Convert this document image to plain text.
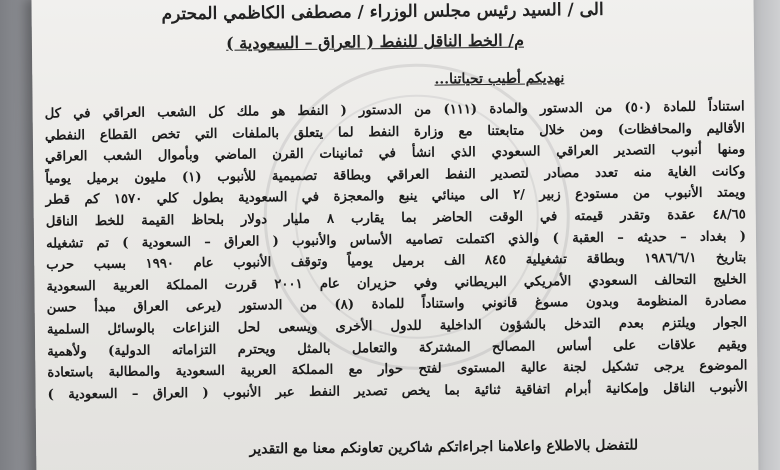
الى / السيد رئيس مجلس الوزراء / مصطفى الكاظمي المحترم
م/ الخط الناقل للنفط ( العراق – السعودية )
نهديكم أطيب تحياتنا...
استناداً للمادة (٥٠) من الدستور والمادة (١١١) من الدستور ( النفط هو ملك كل الشعب العراقي في كل
الأقاليم والمحافظات) ومن خلال متابعتنا مع وزارة النفط لما يتعلق بالملفات التي تخص القطاع النفطي
ومنها أنبوب التصدير العراقي السعودي الذي انشأ في ثمانينات القرن الماضي وبأموال الشعب العراقي
وكانت الغاية منه تعدد مصادر لتصدير النفط العراقي وبطاقة تصميمية للأنبوب (١) مليون برميل يومياً
ويمتد الأنبوب من مستودع زبير /٢ الى مينائي ينبع والمعجزة في السعودية بطول كلي ١٥٧٠ كم قطر
٤٨/٦٥ عقدة وتقدر قيمته في الوقت الحاضر بما يقارب ٨ مليار دولار بلحاظ القيمة للخط الناقل
( بغداد – حديثه – العقبة ) والذي اكتملت تصاميه الأساس والأنبوب ( العراق – السعودية ) تم تشغيله
بتاريخ ١٩٨٦/٦/١ وبطاقة تشغيلية ٨٤٥ الف برميل يومياً وتوقف الأنبوب عام ١٩٩٠ بسبب حرب
الخليج التحالف السعودي الأمريكي البريطاني وفي حزيران عام ٢٠٠١ قررت المملكة العربية السعودية
مصادرة المنظومة وبدون مسوغ قانوني واستناداً للمادة (٨) من الدستور (يرعى العراق مبدأ حسن
الجوار ويلتزم بعدم التدخل بالشؤون الداخلية للدول الأخرى ويسعى لحل النزاعات بالوسائل السلمية
ويقيم علاقات على أساس المصالح المشتركة والتعامل بالمثل ويحترم التزاماته الدولية) ولأهمية
الموضوع يرجى تشكيل لجنة عالية المستوى لفتح حوار مع المملكة العربية السعودية والمطالبة باستعادة
الأنبوب الناقل وإمكانية أبرام اتفاقية ثنائية بما يخص تصدير النفط عبر الأنبوب ( العراق – السعودية )
للتفضل بالاطلاع واعلامنا اجراءاتكم شاكرين تعاونكم معنا مع التقدير
